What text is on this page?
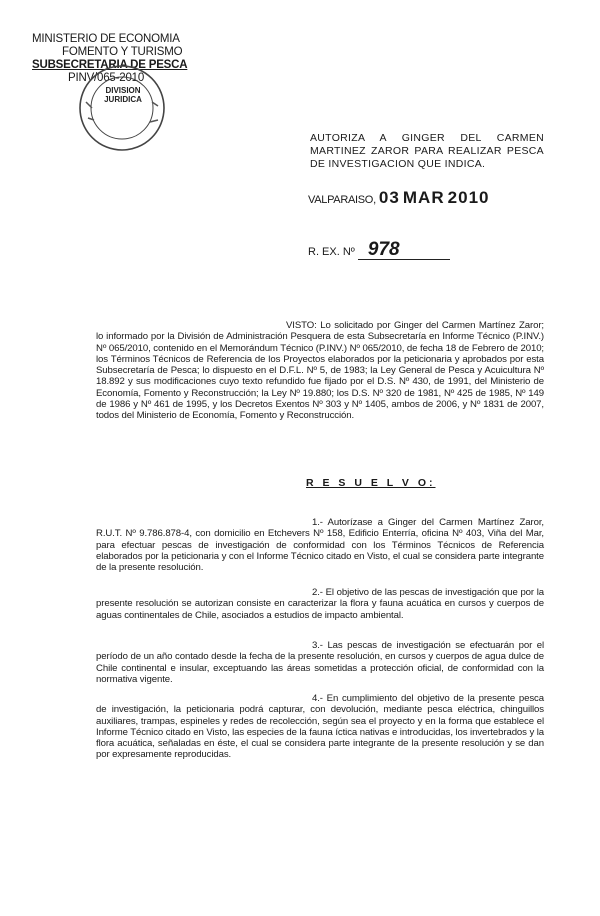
MINISTERIO DE ECONOMIA
FOMENTO Y TURISMO
SUBSECRETARIA DE PESCA
PINV/065-2010
DIVISION
JURIDICA
AUTORIZA A GINGER DEL CARMEN MARTINEZ ZAROR PARA REALIZAR PESCA DE INVESTIGACION QUE INDICA.
VALPARAISO, 03 MAR 2010
R. EX. Nº 978
VISTO: Lo solicitado por Ginger del Carmen Martínez Zaror; lo informado por la División de Administración Pesquera de esta Subsecretaría en Informe Técnico (P.INV.) Nº 065/2010, contenido en el Memorándum Técnico (P.INV.) Nº 065/2010, de fecha 18 de Febrero de 2010; los Términos Técnicos de Referencia de los Proyectos elaborados por la peticionaria y aprobados por esta Subsecretaría de Pesca; lo dispuesto en el D.F.L. Nº 5, de 1983; la Ley General de Pesca y Acuicultura Nº 18.892 y sus modificaciones cuyo texto refundido fue fijado por el D.S. Nº 430, de 1991, del Ministerio de Economía, Fomento y Reconstrucción; la Ley Nº 19.880; los D.S. Nº 320 de 1981, Nº 425 de 1985, Nº 149 de 1986 y Nº 461 de 1995, y los Decretos Exentos Nº 303 y Nº 1405, ambos de 2006, y Nº 1831 de 2007, todos del Ministerio de Economía, Fomento y Reconstrucción.
R E S U E L V O:
1.- Autorízase a Ginger del Carmen Martínez Zaror, R.U.T. Nº 9.786.878-4, con domicilio en Etchevers Nº 158, Edificio Enterría, oficina Nº 403, Viña del Mar, para efectuar pescas de investigación de conformidad con los Términos Técnicos de Referencia elaborados por la peticionaria y con el Informe Técnico citado en Visto, el cual se considera parte integrante de la presente resolución.
2.- El objetivo de las pescas de investigación que por la presente resolución se autorizan consiste en caracterizar la flora y fauna acuática en cursos y cuerpos de aguas continentales de Chile, asociados a estudios de impacto ambiental.
3.- Las pescas de investigación se efectuarán por el período de un año contado desde la fecha de la presente resolución, en cursos y cuerpos de agua dulce de Chile continental e insular, exceptuando las áreas sometidas a protección oficial, de conformidad con la normativa vigente.
4.- En cumplimiento del objetivo de la presente pesca de investigación, la peticionaria podrá capturar, con devolución, mediante pesca eléctrica, chinguillos auxiliares, trampas, espineles y redes de recolección, según sea el proyecto y en la forma que establece el Informe Técnico citado en Visto, las especies de la fauna íctica nativas e introducidas, los invertebrados y la flora acuática, señaladas en éste, el cual se considera parte integrante de la presente resolución y se dan por expresamente reproducidas.
